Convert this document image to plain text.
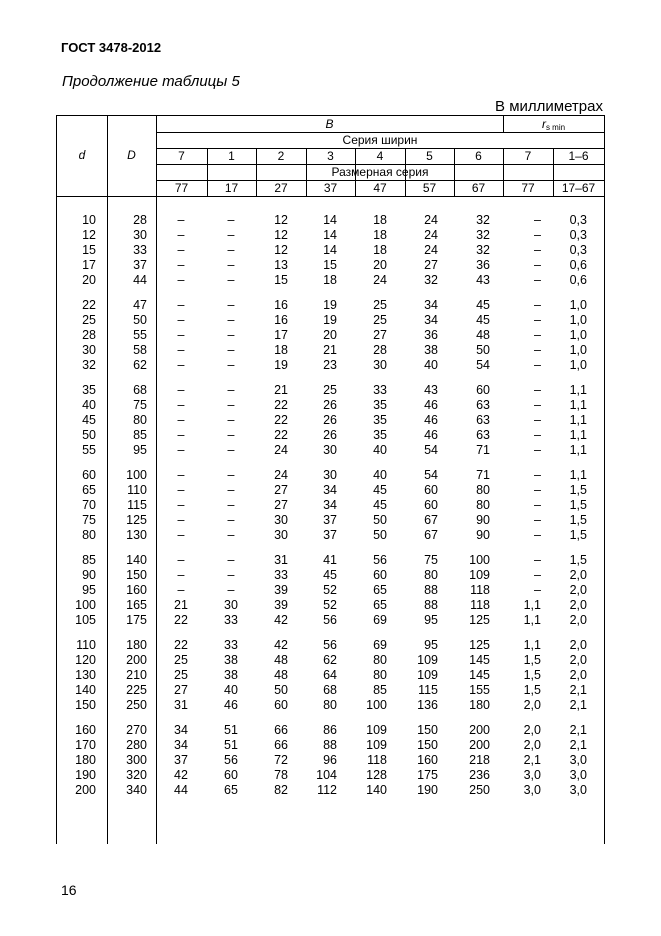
ГОСТ 3478-2012
Продолжение таблицы 5
В миллиметрах
d	D
B	$r_{s min}$
Серия ширин
Размерная серия
7	1	2	3	4	5	6	7	1–6
77	17	27	37	47	57	67	77	17–67
10	28	–	–	12	14	18	24	32	–	0,3
12	30	–	–	12	14	18	24	32	–	0,3
15	33	–	–	12	14	18	24	32	–	0,3
17	37	–	–	13	15	20	27	36	–	0,6
20	44	–	–	15	18	24	32	43	–	0,6
22	47	–	–	16	19	25	34	45	–	1,0
25	50	–	–	16	19	25	34	45	–	1,0
28	55	–	–	17	20	27	36	48	–	1,0
30	58	–	–	18	21	28	38	50	–	1,0
32	62	–	–	19	23	30	40	54	–	1,0
35	68	–	–	21	25	33	43	60	–	1,1
40	75	–	–	22	26	35	46	63	–	1,1
45	80	–	–	22	26	35	46	63	–	1,1
50	85	–	–	22	26	35	46	63	–	1,1
55	95	–	–	24	30	40	54	71	–	1,1
60	100	–	–	24	30	40	54	71	–	1,1
65	110	–	–	27	34	45	60	80	–	1,5
70	115	–	–	27	34	45	60	80	–	1,5
75	125	–	–	30	37	50	67	90	–	1,5
80	130	–	–	30	37	50	67	90	–	1,5
85	140	–	–	31	41	56	75	100	–	1,5
90	150	–	–	33	45	60	80	109	–	2,0
95	160	–	–	39	52	65	88	118	–	2,0
100	165	21	30	39	52	65	88	118	1,1	2,0
105	175	22	33	42	56	69	95	125	1,1	2,0
110	180	22	33	42	56	69	95	125	1,1	2,0
120	200	25	38	48	62	80	109	145	1,5	2,0
130	210	25	38	48	64	80	109	145	1,5	2,0
140	225	27	40	50	68	85	115	155	1,5	2,1
150	250	31	46	60	80	100	136	180	2,0	2,1
160	270	34	51	66	86	109	150	200	2,0	2,1
170	280	34	51	66	88	109	150	200	2,0	2,1
180	300	37	56	72	96	118	160	218	2,1	3,0
190	320	42	60	78	104	128	175	236	3,0	3,0
200	340	44	65	82	112	140	190	250	3,0	3,0
16
